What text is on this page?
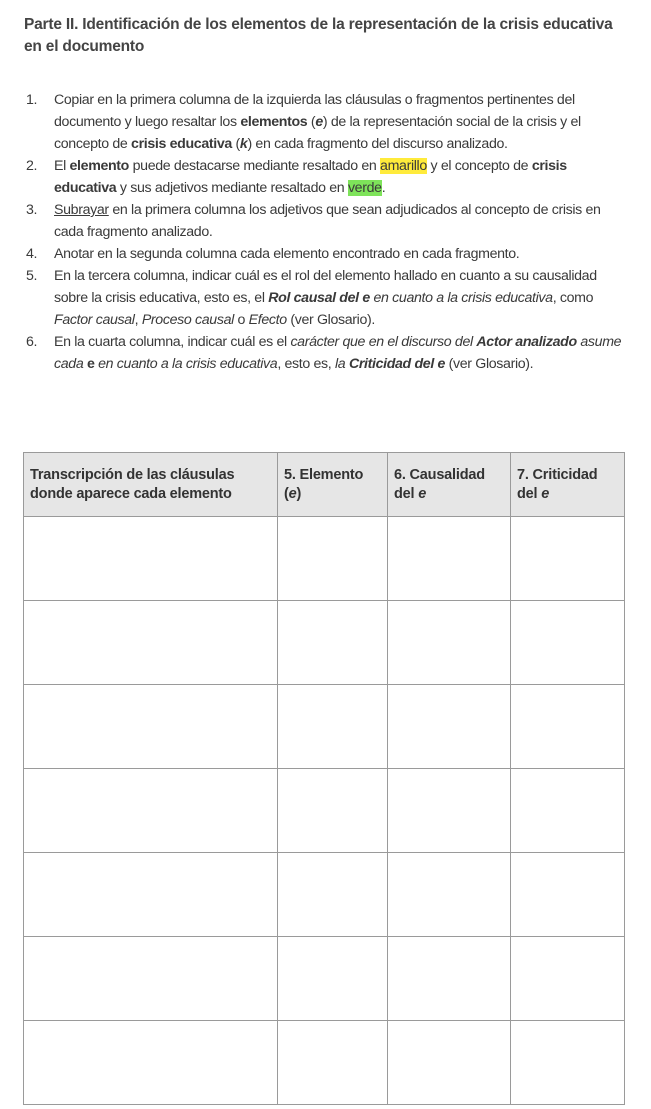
Parte II. Identificación de los elementos de la representación de la crisis educativa en el documento
1. Copiar en la primera columna de la izquierda las cláusulas o fragmentos pertinentes del documento y luego resaltar los elementos (e) de la representación social de la crisis y el concepto de crisis educativa (k) en cada fragmento del discurso analizado.
2. El elemento puede destacarse mediante resaltado en amarillo y el concepto de crisis educativa y sus adjetivos mediante resaltado en verde.
3. Subrayar en la primera columna los adjetivos que sean adjudicados al concepto de crisis en cada fragmento analizado.
4. Anotar en la segunda columna cada elemento encontrado en cada fragmento.
5. En la tercera columna, indicar cuál es el rol del elemento hallado en cuanto a su causalidad sobre la crisis educativa, esto es, el Rol causal del e en cuanto a la crisis educativa, como Factor causal, Proceso causal o Efecto (ver Glosario).
6. En la cuarta columna, indicar cuál es el carácter que en el discurso del Actor analizado asume cada e en cuanto a la crisis educativa, esto es, la Criticidad del e (ver Glosario).
Transcripción de las cláusulas donde aparece cada elemento	5. Elemento (e)	6. Causalidad del e	7. Criticidad del e
